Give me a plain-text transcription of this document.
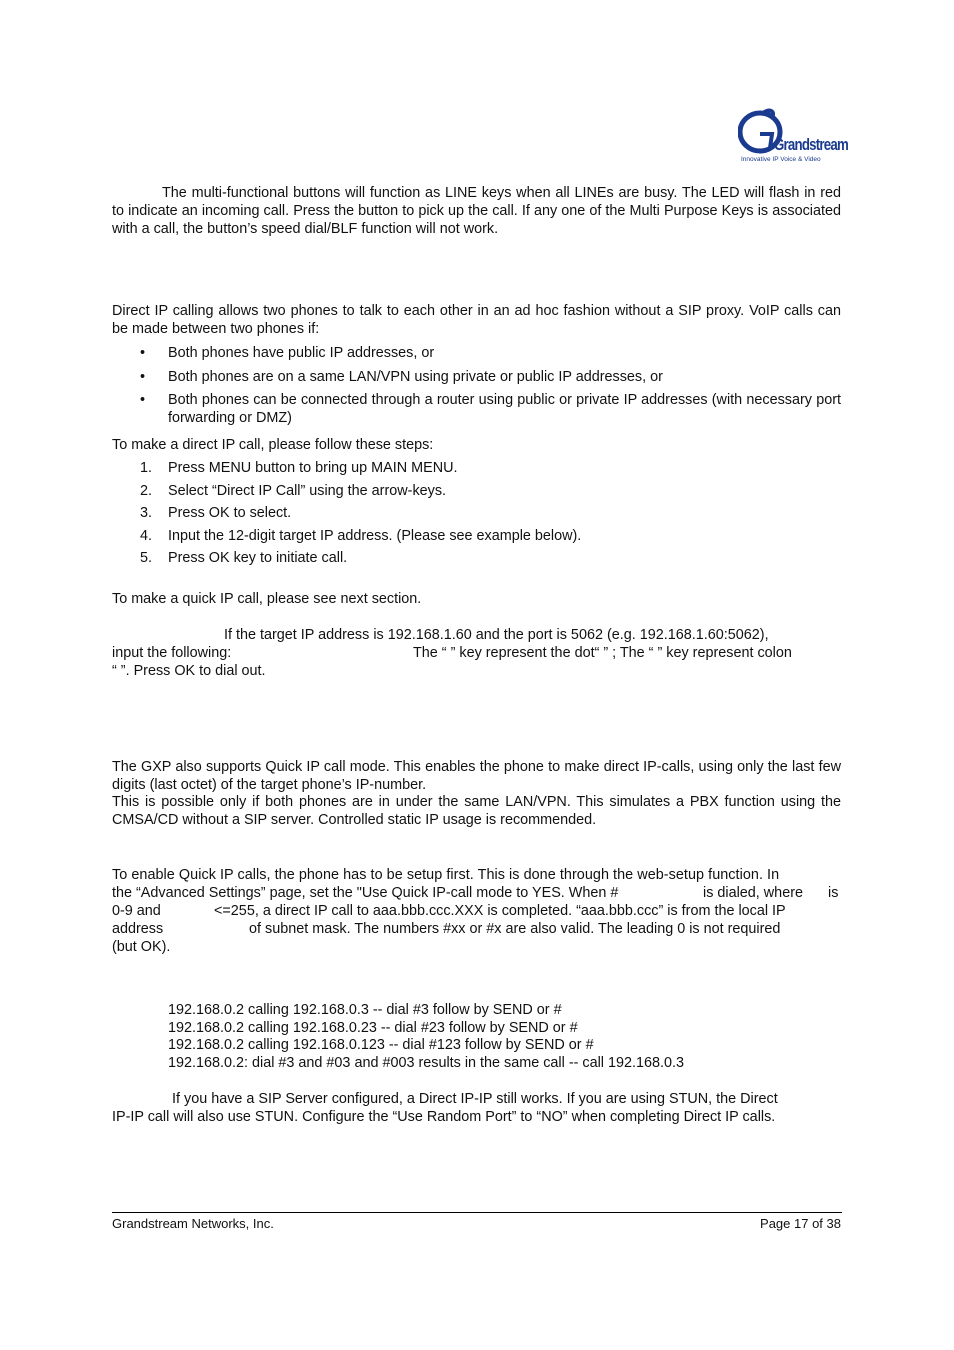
Grandstream
Innovative IP Voice & Video

The multi-functional buttons will function as LINE keys when all LINEs are busy. The LED will flash in red to indicate an incoming call. Press the button to pick up the call. If any one of the Multi Purpose Keys is associated with a call, the button’s speed dial/BLF function will not work.

Direct IP calling allows two phones to talk to each other in an ad hoc fashion without a SIP proxy. VoIP calls can be made between two phones if:

• Both phones have public IP addresses, or
• Both phones are on a same LAN/VPN using private or public IP addresses, or
• Both phones can be connected through a router using public or private IP addresses (with necessary port forwarding or DMZ)

To make a direct IP call, please follow these steps:

1. Press MENU button to bring up MAIN MENU.
2. Select “Direct IP Call” using the arrow-keys.
3. Press OK to select.
4. Input the 12-digit target IP address. (Please see example below).
5. Press OK key to initiate call.

To make a quick IP call, please see next section.

If the target IP address is 192.168.1.60 and the port is 5062 (e.g. 192.168.1.60:5062),

input the following:	The “ ” key represent the dot“ ” ; The “ ” key represent colon

“ ”. Press OK to dial out.

The GXP also supports Quick IP call mode. This enables the phone to make direct IP-calls, using only the last few digits (last octet) of the target phone’s IP-number.

This is possible only if both phones are in under the same LAN/VPN. This simulates a PBX function using the CMSA/CD without a SIP server. Controlled static IP usage is recommended.

To enable Quick IP calls, the phone has to be setup first. This is done through the web-setup function. In

the “Advanced Settings” page, set the "Use Quick IP-call mode to YES. When #	is dialed, where is

0-9 and	<=255, a direct IP call to aaa.bbb.ccc.XXX is completed. “aaa.bbb.ccc” is from the local IP

address	of subnet mask. The numbers #xx or #x are also valid. The leading 0 is not required

(but OK).

192.168.0.2 calling 192.168.0.3 -- dial #3 follow by SEND or #

192.168.0.2 calling 192.168.0.23 -- dial #23 follow by SEND or #

192.168.0.2 calling 192.168.0.123 -- dial #123 follow by SEND or #

192.168.0.2: dial #3 and #03 and #003 results in the same call -- call 192.168.0.3

If you have a SIP Server configured, a Direct IP-IP still works. If you are using STUN, the Direct

IP-IP call will also use STUN. Configure the “Use Random Port” to “NO” when completing Direct IP calls.

Grandstream Networks, Inc.	Page 17 of 38
